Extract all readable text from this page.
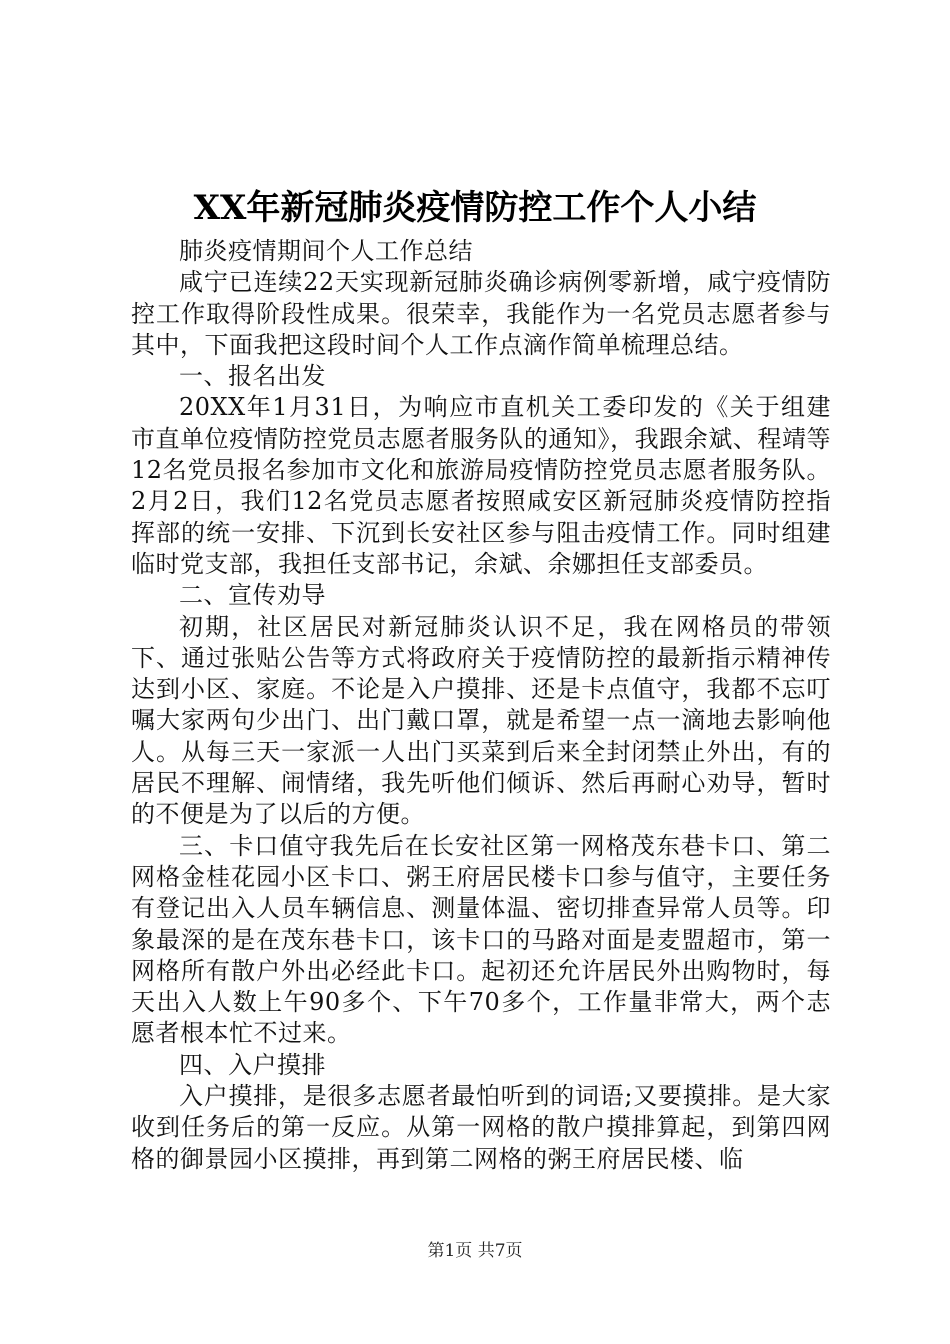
XX年新冠肺炎疫情防控工作个人小结

肺炎疫情期间个人工作总结

咸宁已连续22天实现新冠肺炎确诊病例零新增，咸宁疫情防控工作取得阶段性成果。很荣幸，我能作为一名党员志愿者参与其中，下面我把这段时间个人工作点滴作简单梳理总结。

一、报名出发

20XX年1月31日，为响应市直机关工委印发的《关于组建市直单位疫情防控党员志愿者服务队的通知》，我跟余斌、程靖等12名党员报名参加市文化和旅游局疫情防控党员志愿者服务队。2月2日，我们12名党员志愿者按照咸安区新冠肺炎疫情防控指挥部的统一安排、下沉到长安社区参与阻击疫情工作。同时组建临时党支部，我担任支部书记，余斌、余娜担任支部委员。

二、宣传劝导

初期，社区居民对新冠肺炎认识不足，我在网格员的带领下、通过张贴公告等方式将政府关于疫情防控的最新指示精神传达到小区、家庭。不论是入户摸排、还是卡点值守，我都不忘叮嘱大家两句少出门、出门戴口罩，就是希望一点一滴地去影响他人。从每三天一家派一人出门买菜到后来全封闭禁止外出，有的居民不理解、闹情绪，我先听他们倾诉、然后再耐心劝导，暂时的不便是为了以后的方便。

三、卡口值守我先后在长安社区第一网格茂东巷卡口、第二网格金桂花园小区卡口、粥王府居民楼卡口参与值守，主要任务有登记出入人员车辆信息、测量体温、密切排查异常人员等。印象最深的是在茂东巷卡口，该卡口的马路对面是麦盟超市，第一网格所有散户外出必经此卡口。起初还允许居民外出购物时，每天出入人数上午90多个、下午70多个，工作量非常大，两个志愿者根本忙不过来。

四、入户摸排

入户摸排，是很多志愿者最怕听到的词语;又要摸排。是大家收到任务后的第一反应。从第一网格的散户摸排算起，到第四网格的御景园小区摸排，再到第二网格的粥王府居民楼、临

第1页 共7页
